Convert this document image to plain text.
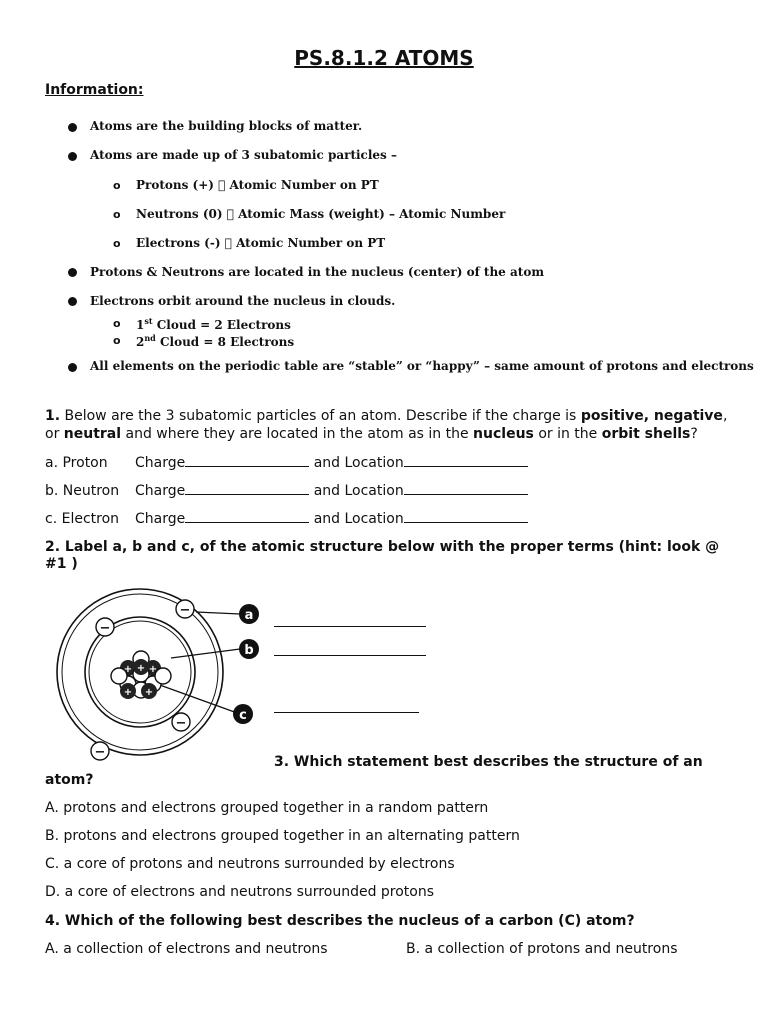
PS.8.1.2 ATOMS
Information:
Atoms are the building blocks of matter.
Atoms are made up of 3 subatomic particles –
o Protons (+) Atomic Number on PT
o Neutrons (0) Atomic Mass (weight) – Atomic Number
o Electrons (-) Atomic Number on PT
Protons & Neutrons are located in the nucleus (center) of the atom
Electrons orbit around the nucleus in clouds.
o 1st Cloud = 2 Electrons
o 2nd Cloud = 8 Electrons
All elements on the periodic table are “stable” or “happy” – same amount of protons and electrons
1. Below are the 3 subatomic particles of an atom. Describe if the charge is positive, negative,
or neutral and where they are located in the atom as in the nucleus or in the orbit shells?
a. Proton Charge	and Location
b. Neutron Charge	and Location
c. Electron Charge	and Location
2. Label a, b and c, of the atomic structure below with the proper terms (hint: look @
#1 )
+ +
+
+
+
−
−
−
−
a
b
c
3. Which statement best describes the structure of an
atom?
A. protons and electrons grouped together in a random pattern
B. protons and electrons grouped together in an alternating pattern
C. a core of protons and neutrons surrounded by electrons
D. a core of electrons and neutrons surrounded protons
4. Which of the following best describes the nucleus of a carbon (C) atom?
A. a collection of electrons and neutrons	B. a collection of protons and neutrons
